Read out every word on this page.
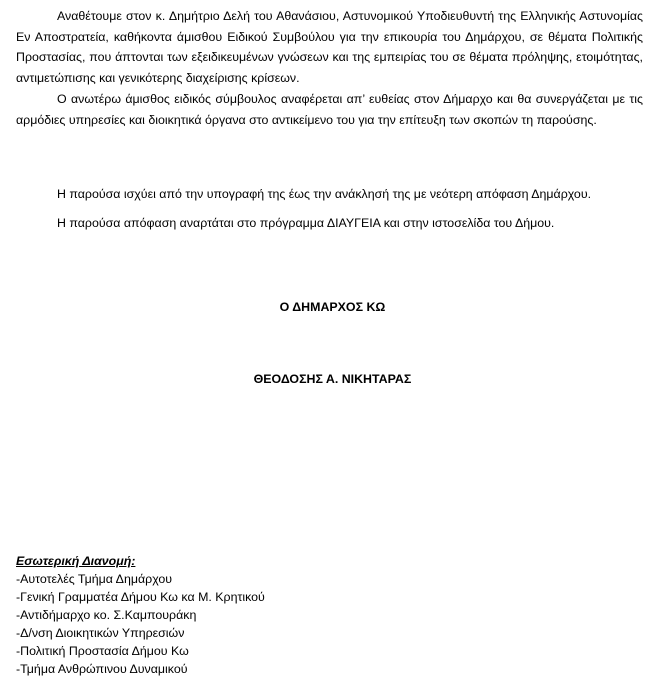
Αναθέτουμε στον κ. Δημήτριο Δελή του Αθανάσιου, Αστυνομικού Υποδιευθυντή της Ελληνικής Αστυνομίας Εν Αποστρατεία, καθήκοντα άμισθου Ειδικού Συμβούλου για την επικουρία του Δημάρχου, σε θέματα Πολιτικής Προστασίας, που άπτονται των εξειδικευμένων γνώσεων και της εμπειρίας του σε θέματα πρόληψης, ετοιμότητας, αντιμετώπισης και γενικότερης διαχείρισης κρίσεων.

Ο ανωτέρω άμισθος ειδικός σύμβουλος αναφέρεται απ’ ευθείας στον Δήμαρχο και θα συνεργάζεται με τις αρμόδιες υπηρεσίες και διοικητικά όργανα στο αντικείμενο του για την επίτευξη των σκοπών τη παρούσης.

Η παρούσα ισχύει από την υπογραφή της έως την ανάκλησή της με νεότερη απόφαση Δημάρχου.

Η παρούσα απόφαση αναρτάται στο πρόγραμμα ΔΙΑΥΓΕΙΑ και στην ιστοσελίδα του Δήμου.

Ο ΔΗΜΑΡΧΟΣ ΚΩ

ΘΕΟΔΟΣΗΣ Α. ΝΙΚΗΤΑΡΑΣ

Εσωτερική Διανομή:
-Αυτοτελές Τμήμα Δημάρχου
-Γενική Γραμματέα Δήμου Κω κα Μ. Κρητικού
-Αντιδήμαρχο κο. Σ.Καμπουράκη
-Δ/νση Διοικητικών Υπηρεσιών
-Πολιτική Προστασία Δήμου Κω
-Τμήμα Ανθρώπινου Δυναμικού
